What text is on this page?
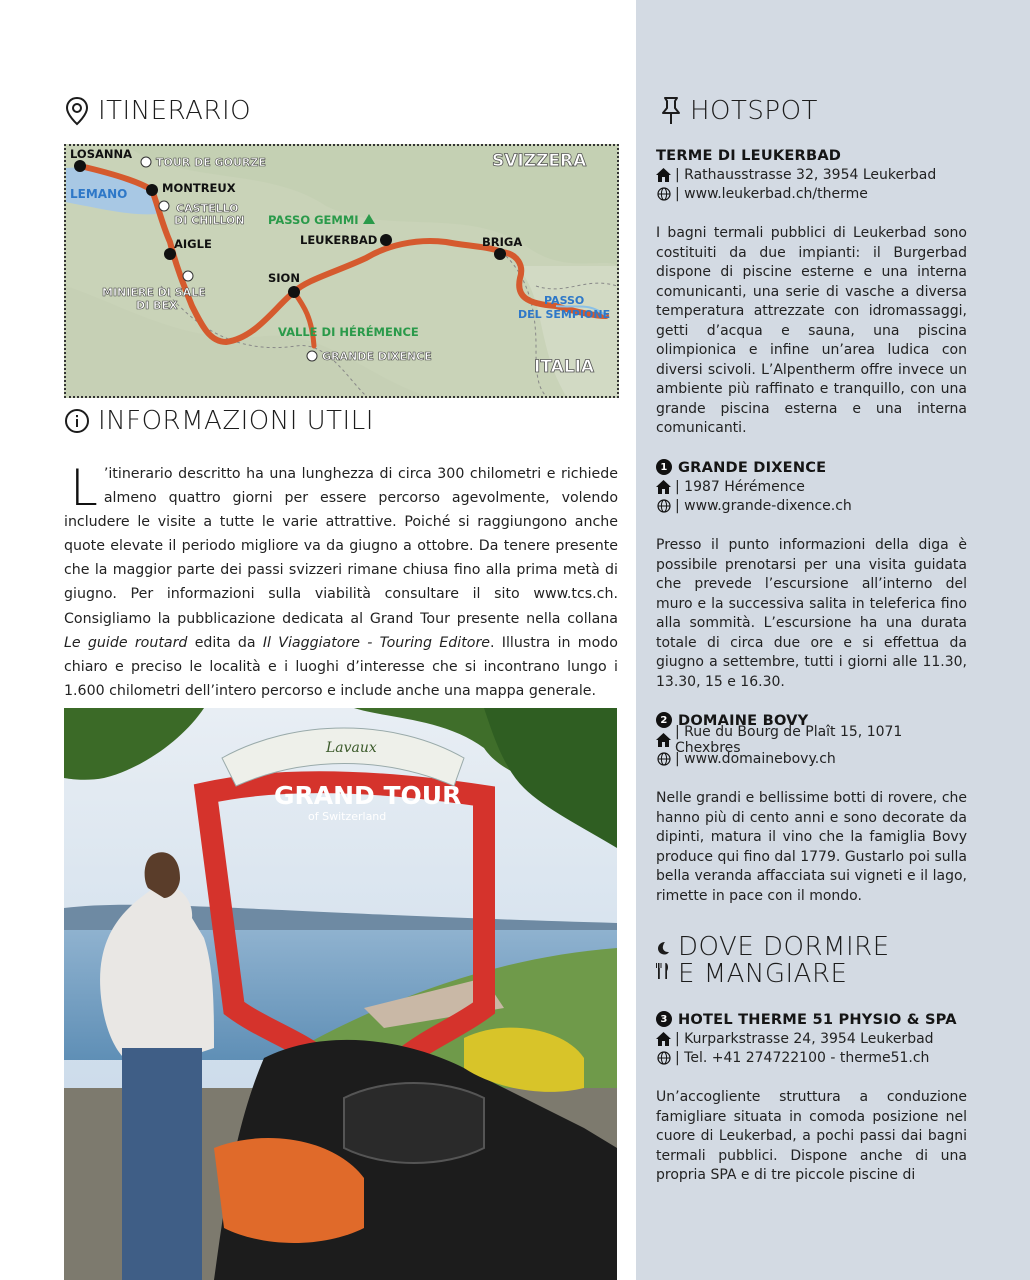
ITINERARIO
LOSANNA
TOUR DE GOURZE
LEMANO	MONTREUX
CASTELLO
DI CHILLON
AIGLE
MINIERE DI SALE
DI BEX
SION
LEUKERBAD
PASSO GEMMI
BRIGA
PASSO
DEL SEMPIONE
VALLE DI HÉRÉMENCE
GRANDE DIXENCE
SVIZZERA
ITALIA
INFORMAZIONI UTILI
L ’itinerario descritto ha una lunghezza di circa 300 chilometri e richiede almeno quattro giorni per essere percorso agevolmente, volendo includere le visite a tutte le varie attrattive. Poiché si raggiungono anche quote elevate il periodo migliore va da giugno a ottobre. Da tenere presente che la maggior parte dei passi svizzeri rimane chiusa fino alla prima metà di giugno. Per informazioni sulla viabilità consultare il sito www.tcs.ch. Consigliamo la pubblicazione dedicata al Grand Tour presente nella collana Le guide routard edita da Il Viaggiatore - Touring Editore. Illustra in modo chiaro e preciso le località e i luoghi d’interesse che si incontrano lungo i 1.600 chilometri dell’intero percorso e include anche una mappa generale.
Lavaux
GRAND TOUR
of Switzerland
HOTSPOT
TERME DI LEUKERBAD
| Rathausstrasse 32, 3954 Leukerbad
| www.leukerbad.ch/therme
I bagni termali pubblici di Leukerbad sono costituiti da due impianti: il Burgerbad dispone di piscine esterne e una interna comunicanti, una serie di vasche a diversa temperatura attrezzate con idromassaggi, getti d’acqua e sauna, una piscina olimpionica e infine un’area ludica con diversi scivoli. L’Alpentherm offre invece un ambiente più raffinato e tranquillo, con una grande piscina esterna e una interna comunicanti.
1 GRANDE DIXENCE
| 1987 Hérémence
| www.grande-dixence.ch
Presso il punto informazioni della diga è possibile prenotarsi per una visita guidata che prevede l’escursione all’interno del muro e la successiva salita in teleferica fino alla sommità. L’escursione ha una durata totale di circa due ore e si effettua da giugno a settembre, tutti i giorni alle 11.30, 13.30, 15 e 16.30.
2 DOMAINE BOVY
| Rue du Bourg de Plaît 15, 1071 Chexbres
| www.domainebovy.ch
Nelle grandi e bellissime botti di rovere, che hanno più di cento anni e sono decorate da dipinti, matura il vino che la famiglia Bovy produce qui fino dal 1779. Gustarlo poi sulla bella veranda affacciata sui vigneti e il lago, rimette in pace con il mondo.
DOVE DORMIRE
E MANGIARE
3 HOTEL THERME 51 PHYSIO & SPA
| Kurparkstrasse 24, 3954 Leukerbad
| Tel. +41 274722100 - therme51.ch
Un’accogliente struttura a conduzione famigliare situata in comoda posizione nel cuore di Leukerbad, a pochi passi dai bagni termali pubblici. Dispone anche di una propria SPA e di tre piccole piscine di
